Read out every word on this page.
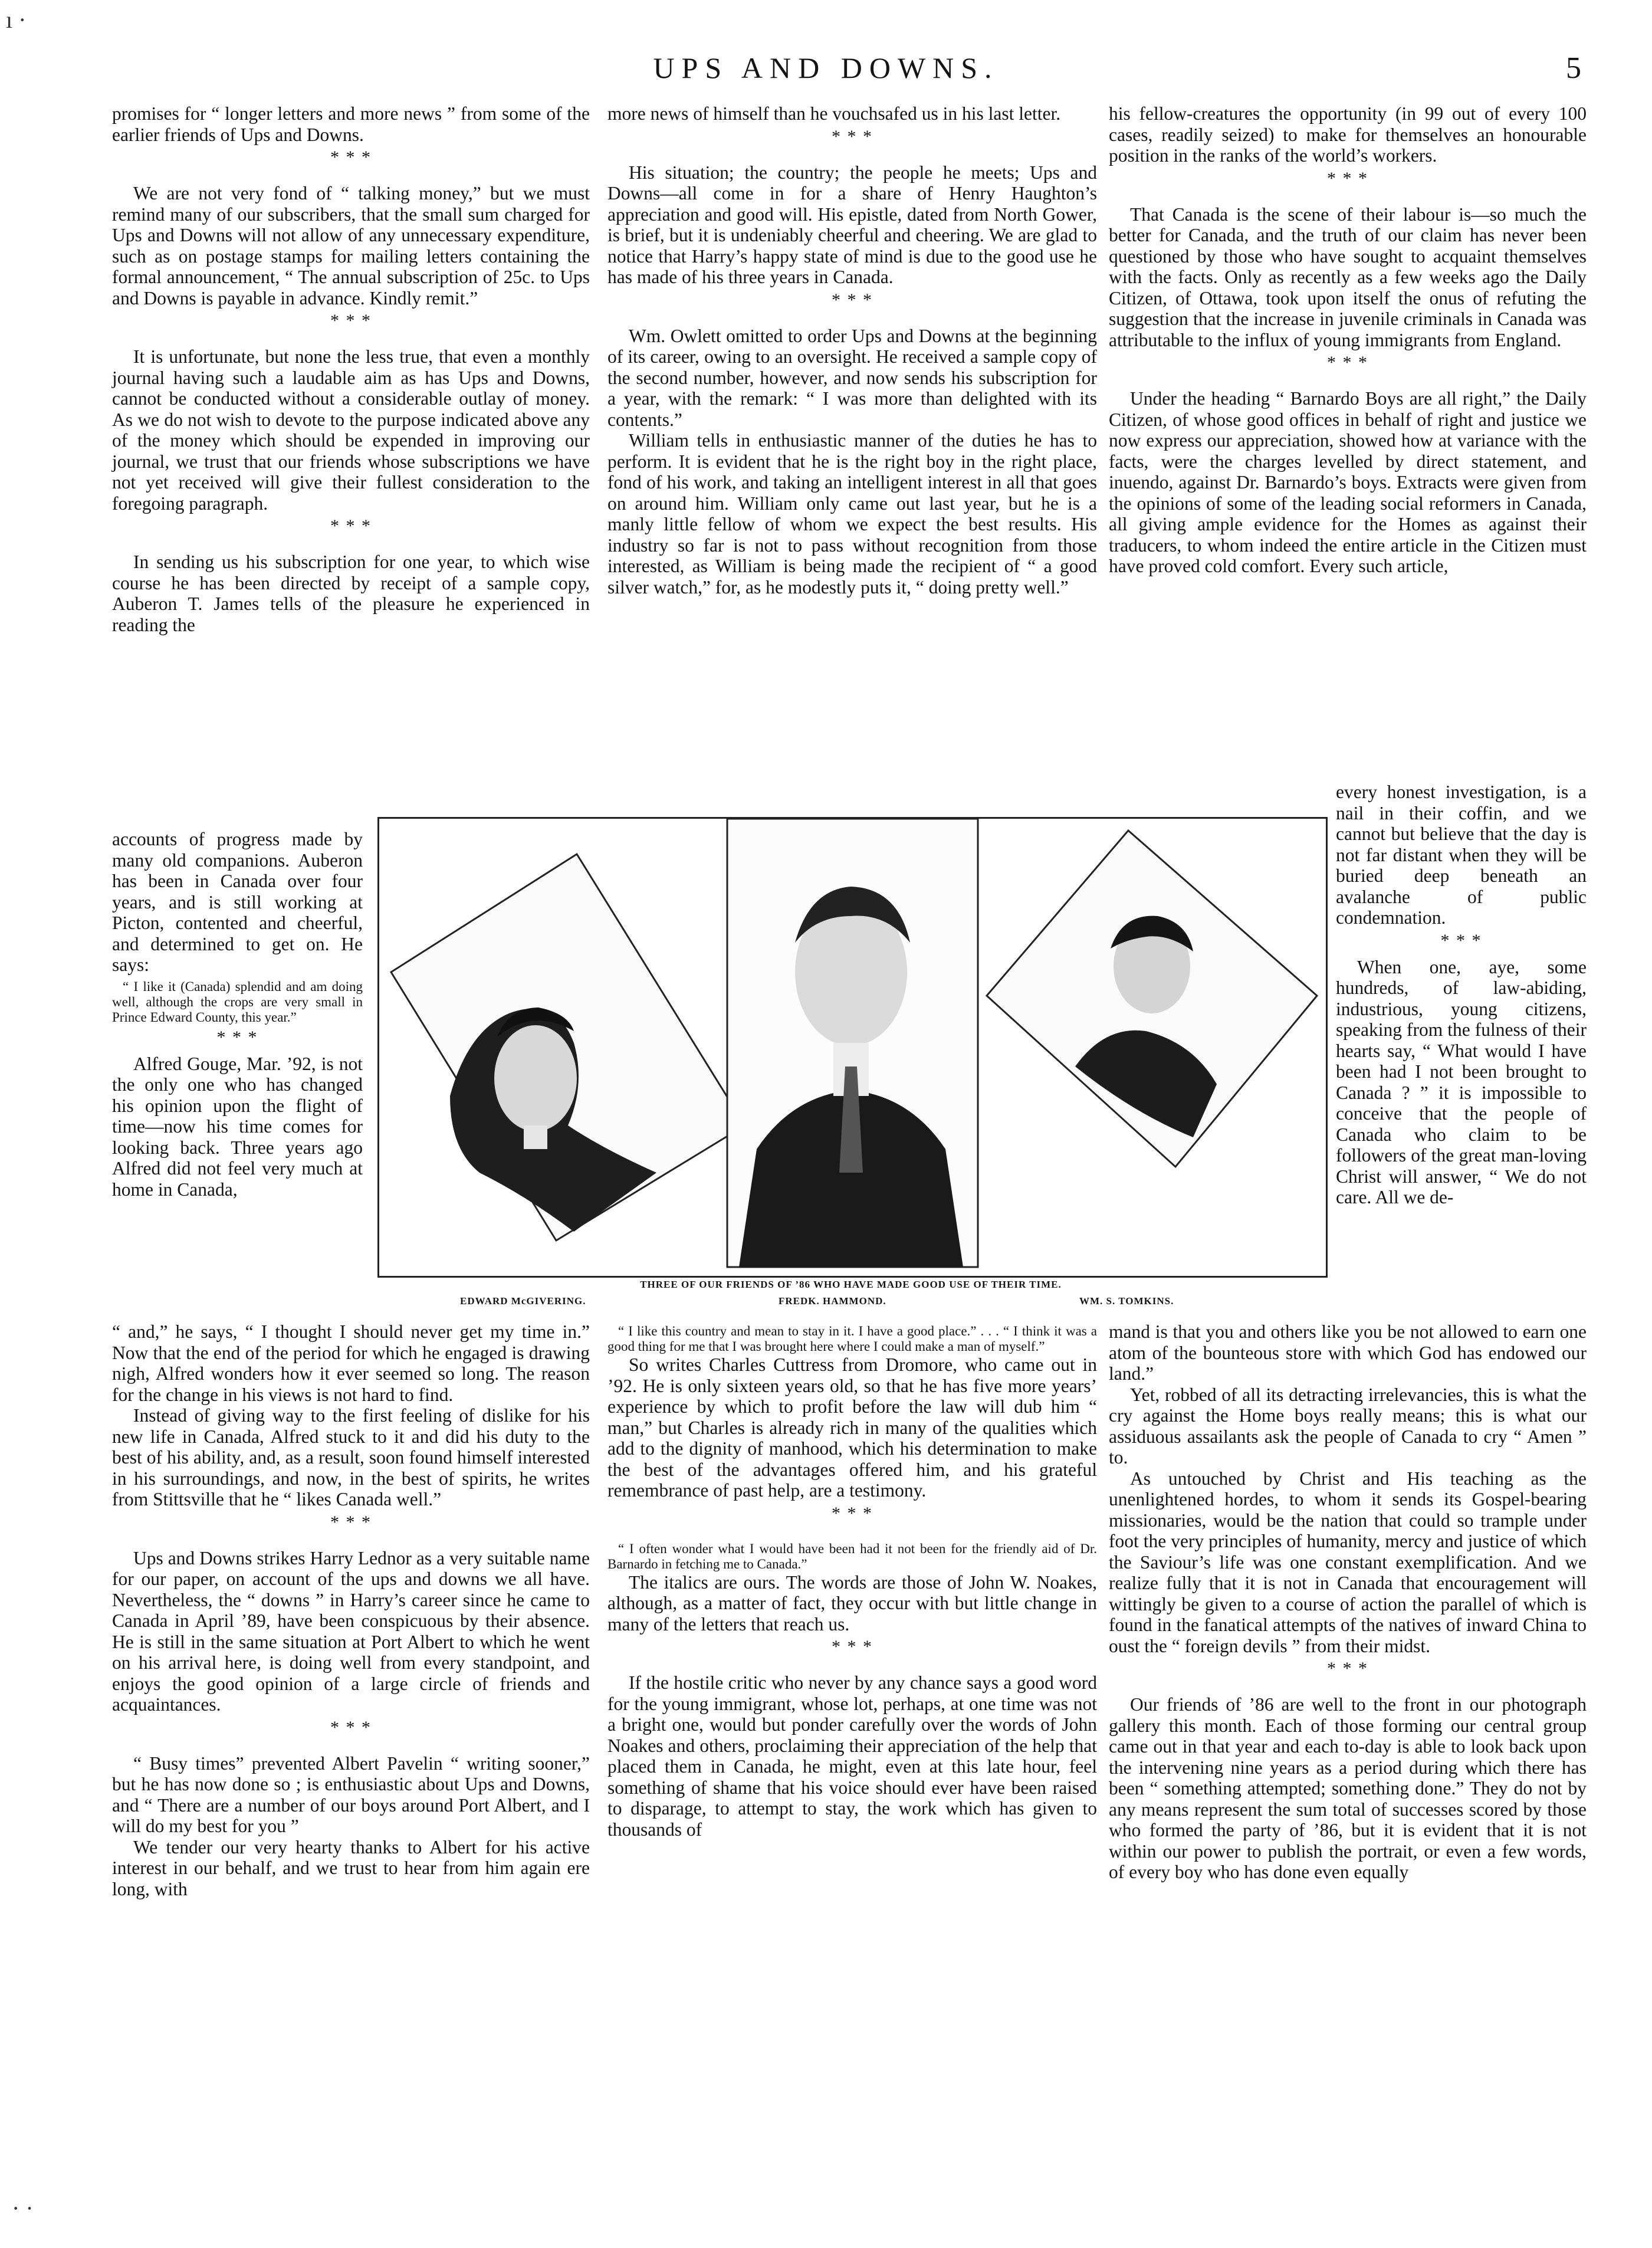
UPS AND DOWNS.	5

promises for “ longer letters and more news ” from some of the earlier friends of Ups and Downs.

* * *

We are not very fond of “ talking money,” but we must remind many of our subscribers, that the small sum charged for Ups and Downs will not allow of any unnecessary expenditure, such as on postage stamps for mailing letters containing the formal announcement, “ The annual subscription of 25c. to Ups and Downs is payable in advance. Kindly remit.”

* * *

It is unfortunate, but none the less true, that even a monthly journal having such a laudable aim as has Ups and Downs, cannot be conducted without a considerable outlay of money. As we do not wish to devote to the purpose indicated above any of the money which should be expended in improving our journal, we trust that our friends whose subscriptions we have not yet received will give their fullest consideration to the foregoing paragraph.

* * *

In sending us his subscription for one year, to which wise course he has been directed by receipt of a sample copy, Auberon T. James tells of the pleasure he experienced in reading the

accounts of progress made by many old companions. Auberon has been in Canada over four years, and is still working at Picton, contented and cheerful, and determined to get on. He says:

“ I like it (Canada) splendid and am doing well, although the crops are very small in Prince Edward County, this year.”

* * *

Alfred Gouge, Mar. ’92, is not the only one who has changed his opinion upon the flight of time—now his time comes for looking back. Three years ago Alfred did not feel very much at home in Canada,

“ and,” he says, “ I thought I should never get my time in.” Now that the end of the period for which he engaged is drawing nigh, Alfred wonders how it ever seemed so long. The reason for the change in his views is not hard to find.

Instead of giving way to the first feeling of dislike for his new life in Canada, Alfred stuck to it and did his duty to the best of his ability, and, as a result, soon found himself interested in his surroundings, and now, in the best of spirits, he writes from Stittsville that he “ likes Canada well.”

* * *

Ups and Downs strikes Harry Lednor as a very suitable name for our paper, on account of the ups and downs we all have. Nevertheless, the “ downs ” in Harry’s career since he came to Canada in April ’89, have been conspicuous by their absence. He is still in the same situation at Port Albert to which he went on his arrival here, is doing well from every standpoint, and enjoys the good opinion of a large circle of friends and acquaintances.

* * *

“ Busy times” prevented Albert Pavelin “ writing sooner,” but he has now done so ; is enthusiastic about Ups and Downs, and “ There are a number of our boys around Port Albert, and I will do my best for you ”

We tender our very hearty thanks to Albert for his active interest in our behalf, and we trust to hear from him again ere long, with

more news of himself than he vouchsafed us in his last letter.

* * *

His situation; the country; the people he meets; Ups and Downs—all come in for a share of Henry Haughton’s appreciation and good will. His epistle, dated from North Gower, is brief, but it is undeniably cheerful and cheering. We are glad to notice that Harry’s happy state of mind is due to the good use he has made of his three years in Canada.

* * *

Wm. Owlett omitted to order Ups and Downs at the beginning of its career, owing to an oversight. He received a sample copy of the second number, however, and now sends his subscription for a year, with the remark: “ I was more than delighted with its contents.”

William tells in enthusiastic manner of the duties he has to perform. It is evident that he is the right boy in the right place, fond of his work, and taking an intelligent interest in all that goes on around him. William only came out last year, but he is a manly little fellow of whom we expect the best results. His industry so far is not to pass without recognition from those interested, as William is being made the recipient of “ a good silver watch,” for, as he modestly puts it, “ doing pretty well.”

“ I like this country and mean to stay in it. I have a good place.” . . . “ I think it was a good thing for me that I was brought here where I could make a man of myself.”

So writes Charles Cuttress from Dromore, who came out in ’92. He is only sixteen years old, so that he has five more years’ experience by which to profit before the law will dub him “ man,” but Charles is already rich in many of the qualities which add to the dignity of manhood, which his determination to make the best of the advantages offered him, and his grateful remembrance of past help, are a testimony.

* * *

“ I often wonder what I would have been had it not been for the friendly aid of Dr. Barnardo in fetching me to Canada.”

The italics are ours. The words are those of John W. Noakes, although, as a matter of fact, they occur with but little change in many of the letters that reach us.

* * *

If the hostile critic who never by any chance says a good word for the young immigrant, whose lot, perhaps, at one time was not a bright one, would but ponder carefully over the words of John Noakes and others, proclaiming their appreciation of the help that placed them in Canada, he might, even at this late hour, feel something of shame that his voice should ever have been raised to disparage, to attempt to stay, the work which has given to thousands of

his fellow-creatures the opportunity (in 99 out of every 100 cases, readily seized) to make for themselves an honourable position in the ranks of the world’s workers.

* * *

That Canada is the scene of their labour is—so much the better for Canada, and the truth of our claim has never been questioned by those who have sought to acquaint themselves with the facts. Only as recently as a few weeks ago the Daily Citizen, of Ottawa, took upon itself the onus of refuting the suggestion that the increase in juvenile criminals in Canada was attributable to the influx of young immigrants from England.

* * *

Under the heading “ Barnardo Boys are all right,” the Daily Citizen, of whose good offices in behalf of right and justice we now express our appreciation, showed how at variance with the facts, were the charges levelled by direct statement, and inuendo, against Dr. Barnardo’s boys. Extracts were given from the opinions of some of the leading social reformers in Canada, all giving ample evidence for the Homes as against their traducers, to whom indeed the entire article in the Citizen must have proved cold comfort. Every such article,

every honest investigation, is a nail in their coffin, and we cannot but believe that the day is not far distant when they will be buried deep beneath an avalanche of public condemnation.

* * *

When one, aye, some hundreds, of law-abiding, industrious, young citizens, speaking from the fulness of their hearts say, “ What would I have been had I not been brought to Canada ? ” it is impossible to conceive that the people of Canada who claim to be followers of the great man-loving Christ will answer, “ We do not care. All we de-

mand is that you and others like you be not allowed to earn one atom of the bounteous store with which God has endowed our land.”

Yet, robbed of all its detracting irrelevancies, this is what the cry against the Home boys really means; this is what our assiduous assailants ask the people of Canada to cry “ Amen ” to.

As untouched by Christ and His teaching as the unenlightened hordes, to whom it sends its Gospel-bearing missionaries, would be the nation that could so trample under foot the very principles of humanity, mercy and justice of which the Saviour’s life was one constant exemplification. And we realize fully that it is not in Canada that encouragement will wittingly be given to a course of action the parallel of which is found in the fanatical attempts of the natives of inward China to oust the “ foreign devils ” from their midst.

* * *

Our friends of ’86 are well to the front in our photograph gallery this month. Each of those forming our central group came out in that year and each to-day is able to look back upon the intervening nine years as a period during which there has been “ something attempted; something done.” They do not by any means represent the sum total of successes scored by those who formed the party of ’86, but it is evident that it is not within our power to publish the portrait, or even a few words, of every boy who has done even equally

THREE OF OUR FRIENDS OF ’86 WHO HAVE MADE GOOD USE OF THEIR TIME.
EDWARD McGIVERING.	FREDK. HAMMOND.	WM. S. TOMKINS.
ı ·
· ·
